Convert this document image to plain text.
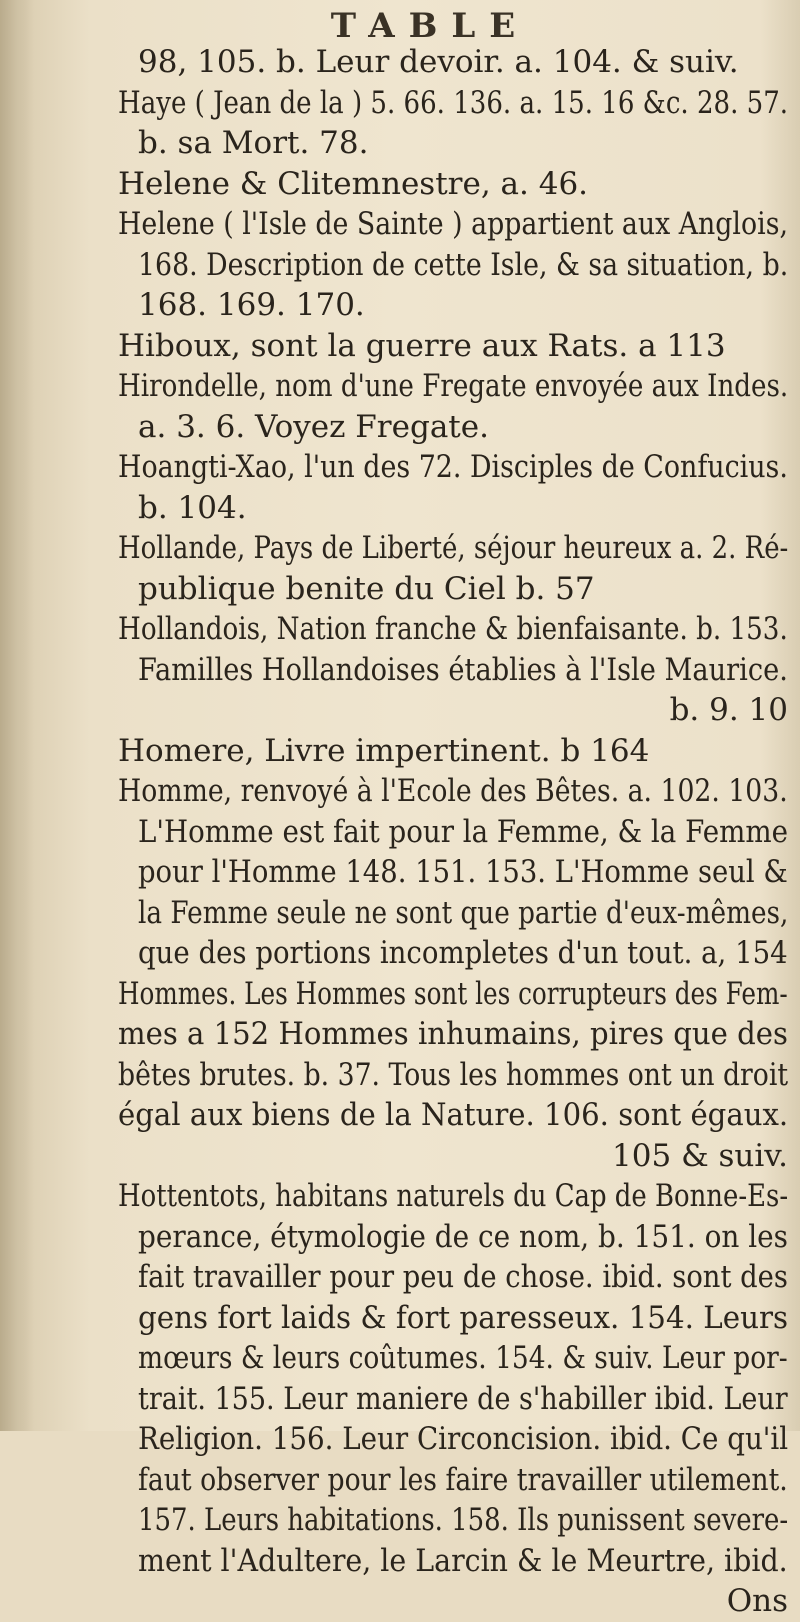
TABLE
98, 105. b. Leur devoir. a. 104. & suiv.
Haye ( Jean de la ) 5. 66. 136. a. 15. 16 &c. 28. 57.
b. sa Mort. 78.
Helene & Clitemnestre, a. 46.
Helene ( l'Isle de Sainte ) appartient aux Anglois,
168. Description de cette Isle, & sa situation, b.
168. 169. 170.
Hiboux, sont la guerre aux Rats. a 113
Hirondelle, nom d'une Fregate envoyée aux Indes.
a. 3. 6. Voyez Fregate.
Hoangti-Xao, l'un des 72. Disciples de Confucius.
b. 104.
Hollande, Pays de Liberté, séjour heureux a. 2. Ré-
publique benite du Ciel b. 57
Hollandois, Nation franche & bienfaisante. b. 153.
Familles Hollandoises établies à l'Isle Maurice.
b. 9. 10
Homere, Livre impertinent. b 164
Homme, renvoyé à l'Ecole des Bêtes. a. 102. 103.
L'Homme est fait pour la Femme, & la Femme
pour l'Homme 148. 151. 153. L'Homme seul &
la Femme seule ne sont que partie d'eux-mêmes,
que des portions incompletes d'un tout. a, 154
Hommes. Les Hommes sont les corrupteurs des Fem-
mes a 152 Hommes inhumains, pires que des
bêtes brutes. b. 37. Tous les hommes ont un droit
égal aux biens de la Nature. 106. sont égaux.
105 & suiv.
Hottentots, habitans naturels du Cap de Bonne-Es-
perance, étymologie de ce nom, b. 151. on les
fait travailler pour peu de chose. ibid. sont des
gens fort laids & fort paresseux. 154. Leurs
mœurs & leurs coûtumes. 154. & suiv. Leur por-
trait. 155. Leur maniere de s'habiller ibid. Leur
Religion. 156. Leur Circoncision. ibid. Ce qu'il
faut observer pour les faire travailler utilement.
157. Leurs habitations. 158. Ils punissent severe-
ment l'Adultere, le Larcin & le Meurtre, ibid.
Ons
